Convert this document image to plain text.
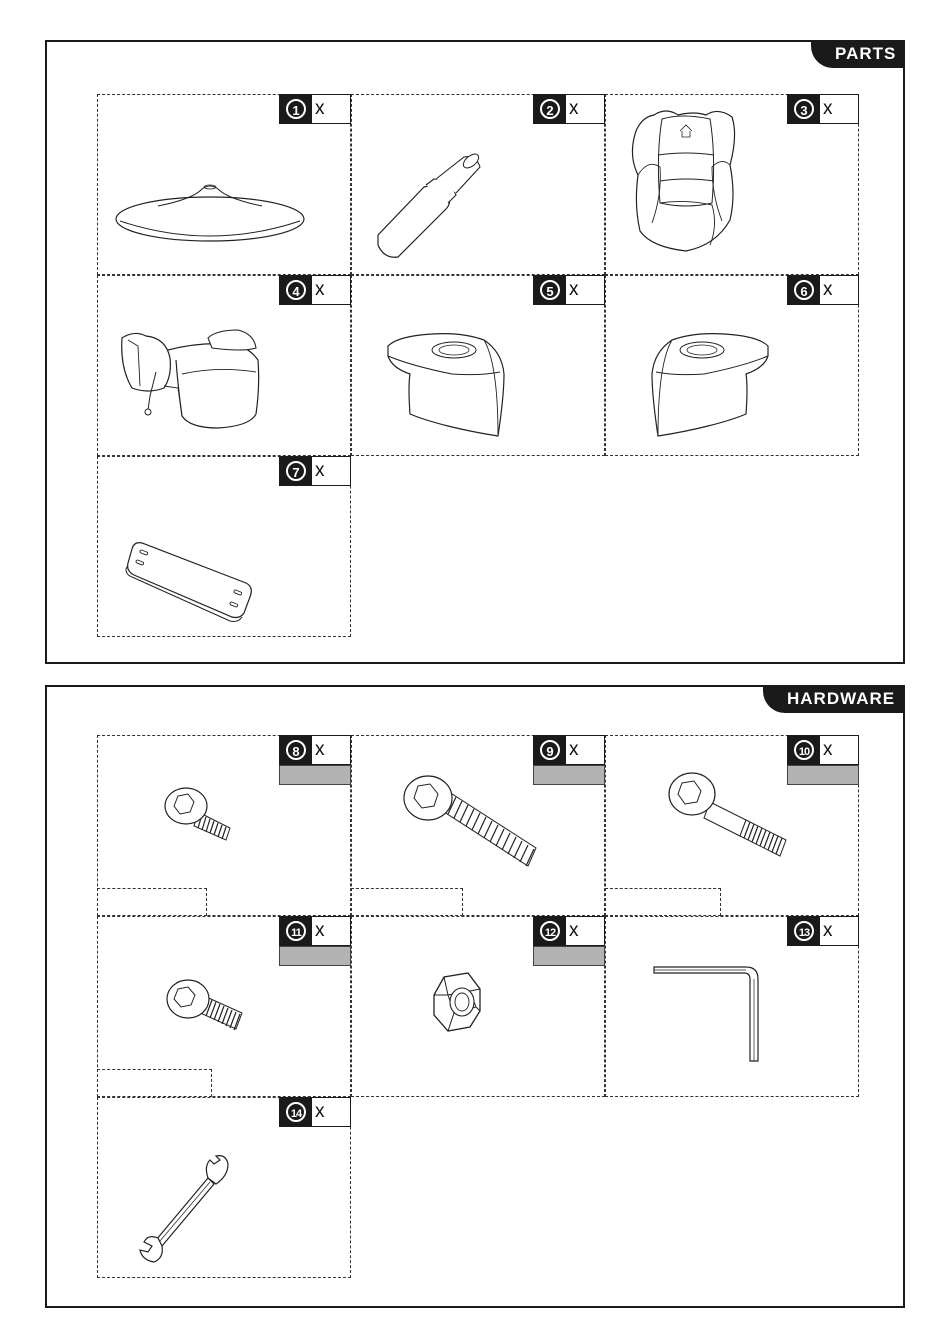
PARTS
1 x	2 x	3 x
4 x	5 x	6 x
7 x
HARDWARE
8 x	9 x	10 x
11 x	12 x	13 x
14 x
